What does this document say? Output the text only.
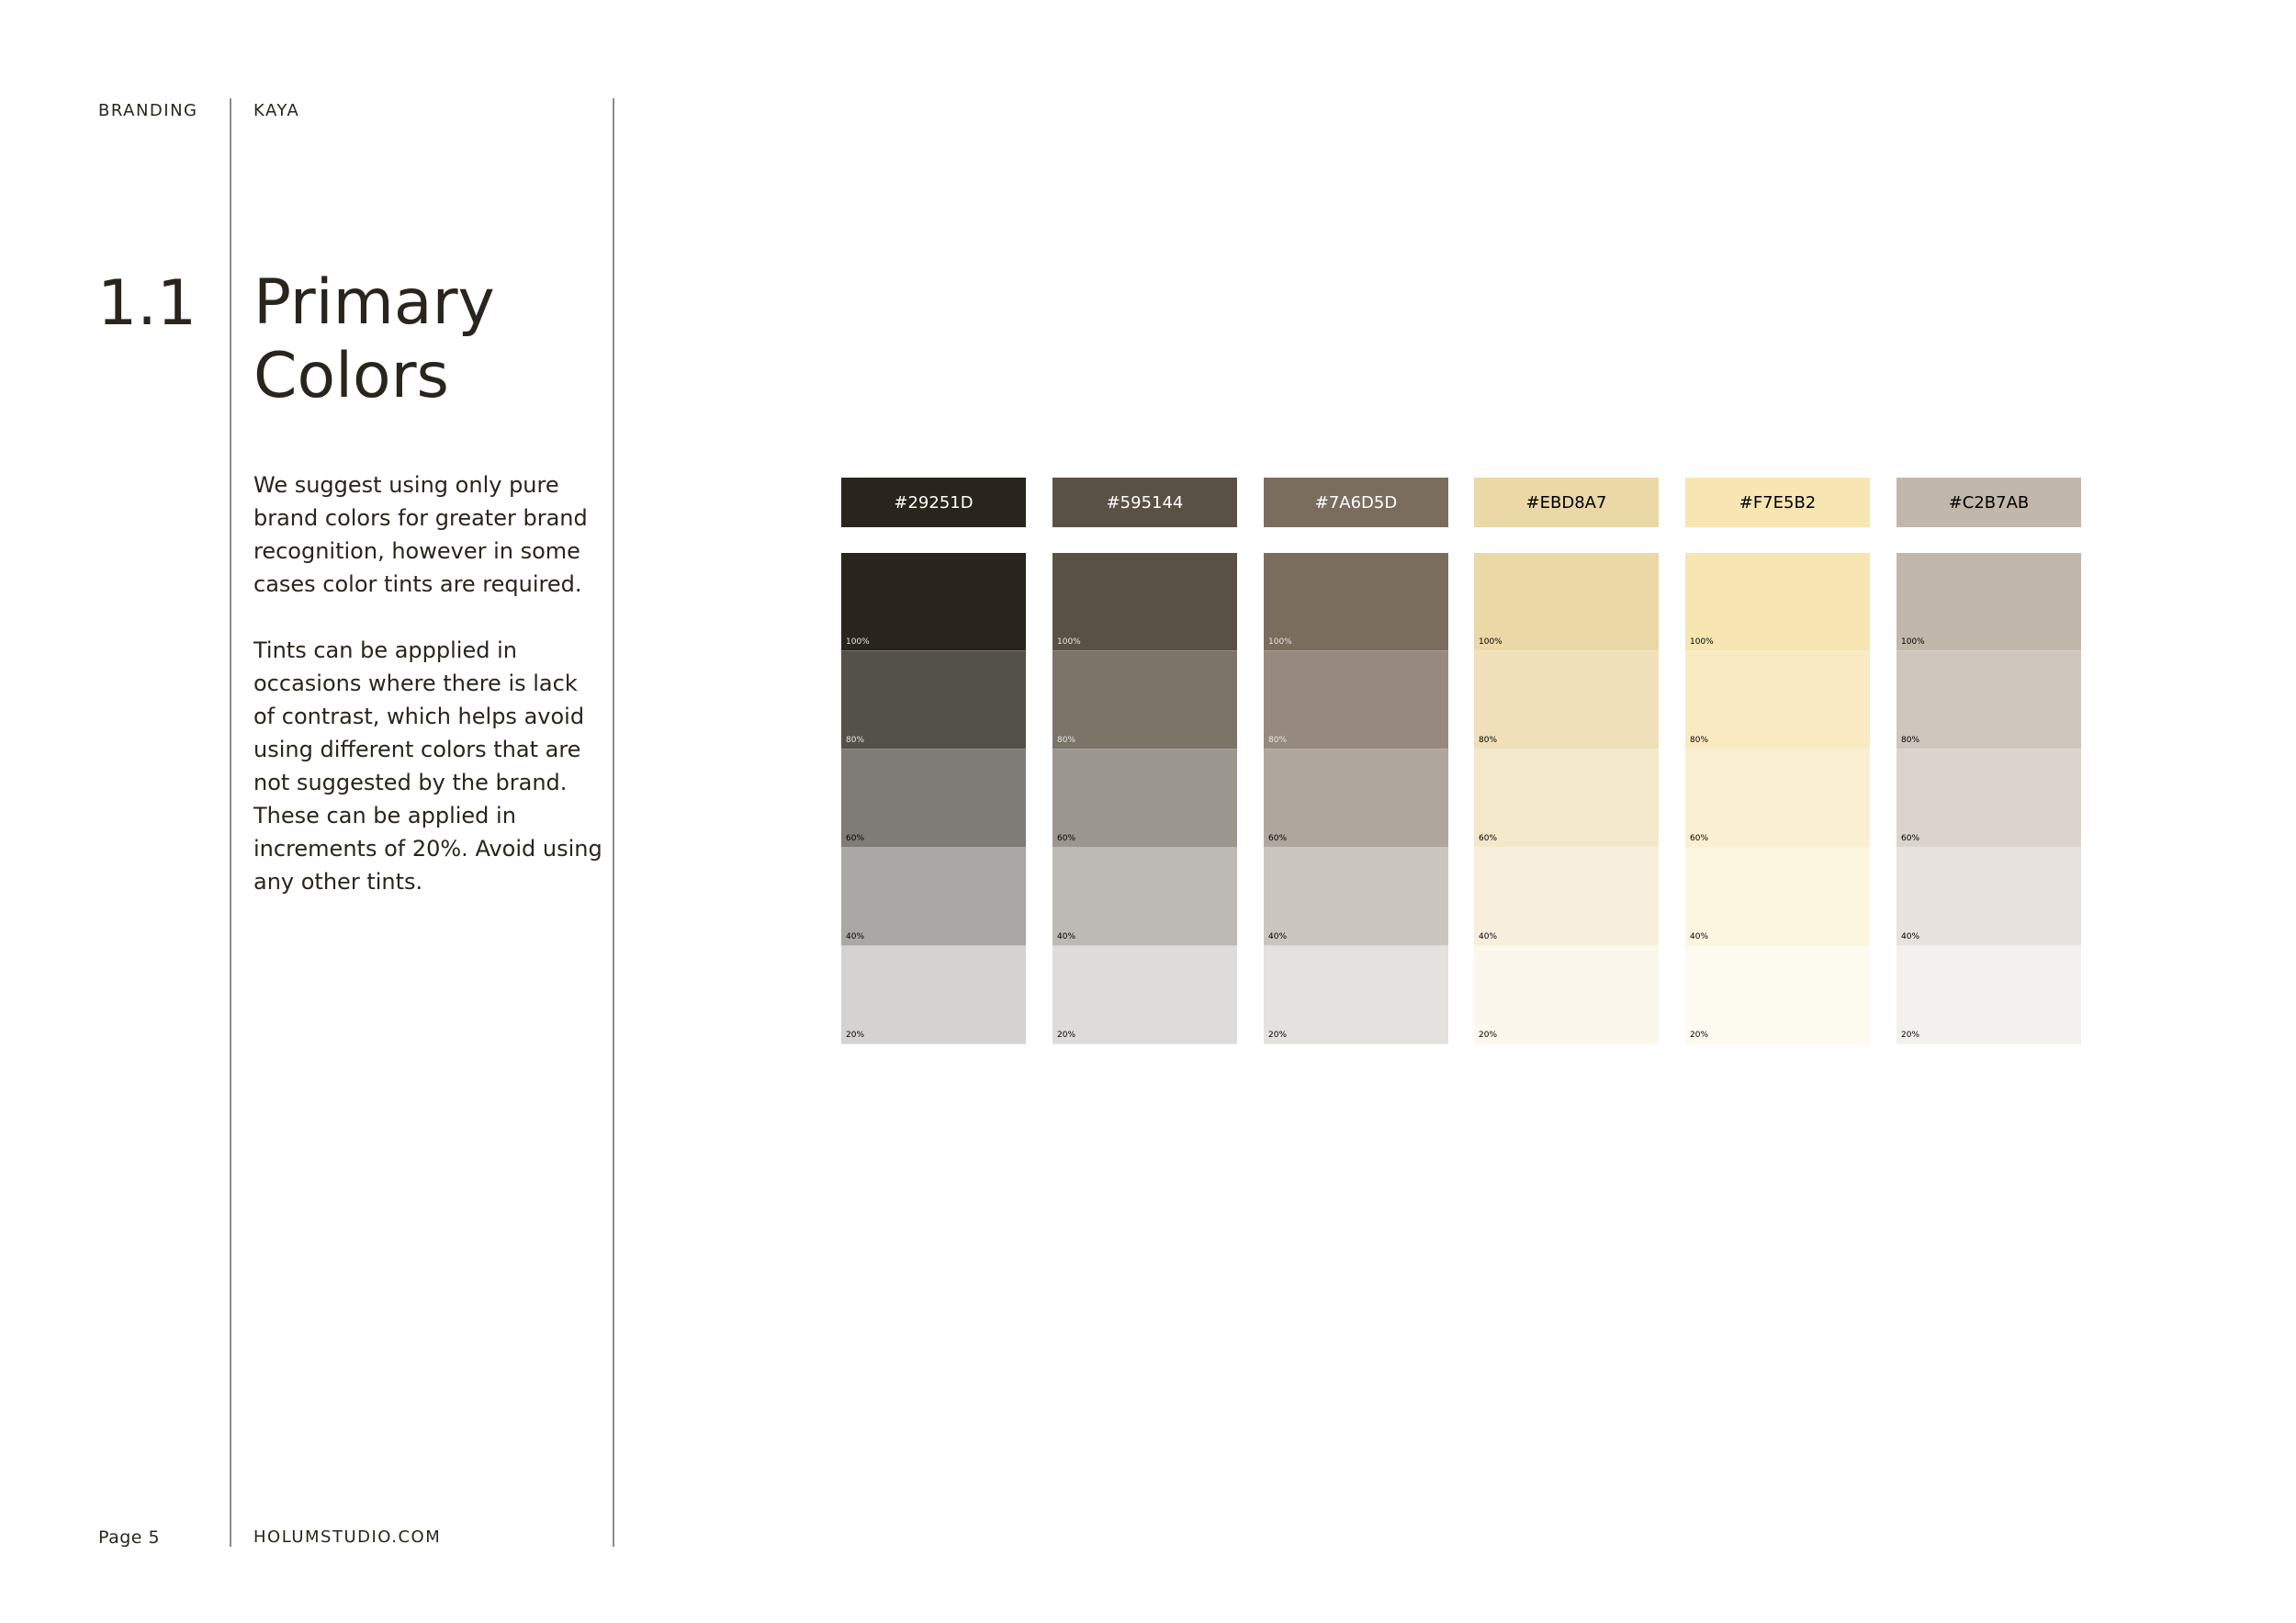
BRANDING	KAYA
1.1 Primary Colors
We suggest using only pure brand colors for greater brand recognition, however in some cases color tints are required.
Tints can be appplied in occasions where there is lack of contrast, which helps avoid using different colors that are not suggested by the brand. These can be applied in increments of 20%. Avoid using any other tints.
#29251D
100%
80%
60%
40%
20%
#595144
100%
80%
60%
40%
20%
#7A6D5D
100%
80%
60%
40%
20%
#EBD8A7
100%
80%
60%
40%
20%
#F7E5B2
100%
80%
60%
40%
20%
#C2B7AB
100%
80%
60%
40%
20%
Page 5	HOLUMSTUDIO.COM
